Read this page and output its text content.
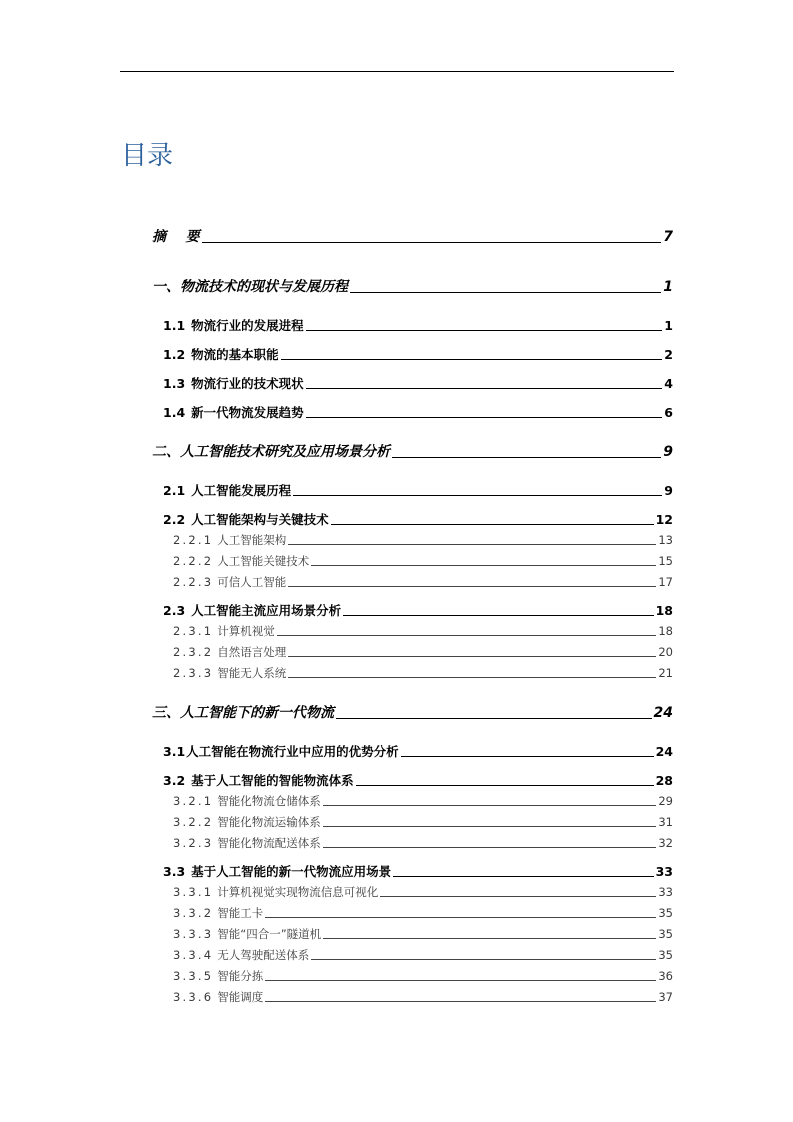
目录
摘    要	7
一、物流技术的现状与发展历程	1
1.1 物流行业的发展进程	1
1.2 物流的基本职能	2
1.3 物流行业的技术现状	4
1.4 新一代物流发展趋势	6
二、人工智能技术研究及应用场景分析	9
2.1 人工智能发展历程	9
2.2 人工智能架构与关键技术	12
2.2.1 人工智能架构	13
2.2.2 人工智能关键技术	15
2.2.3 可信人工智能	17
2.3 人工智能主流应用场景分析	18
2.3.1 计算机视觉	18
2.3.2 自然语言处理	20
2.3.3 智能无人系统	21
三、人工智能下的新一代物流	24
3.1人工智能在物流行业中应用的优势分析	24
3.2 基于人工智能的智能物流体系	28
3.2.1 智能化物流仓储体系	29
3.2.2 智能化物流运输体系	31
3.2.3 智能化物流配送体系	32
3.3 基于人工智能的新一代物流应用场景	33
3.3.1 计算机视觉实现物流信息可视化	33
3.3.2 智能工卡	35
3.3.3 智能“四合一”隧道机	35
3.3.4 无人驾驶配送体系	35
3.3.5 智能分拣	36
3.3.6 智能调度	37
